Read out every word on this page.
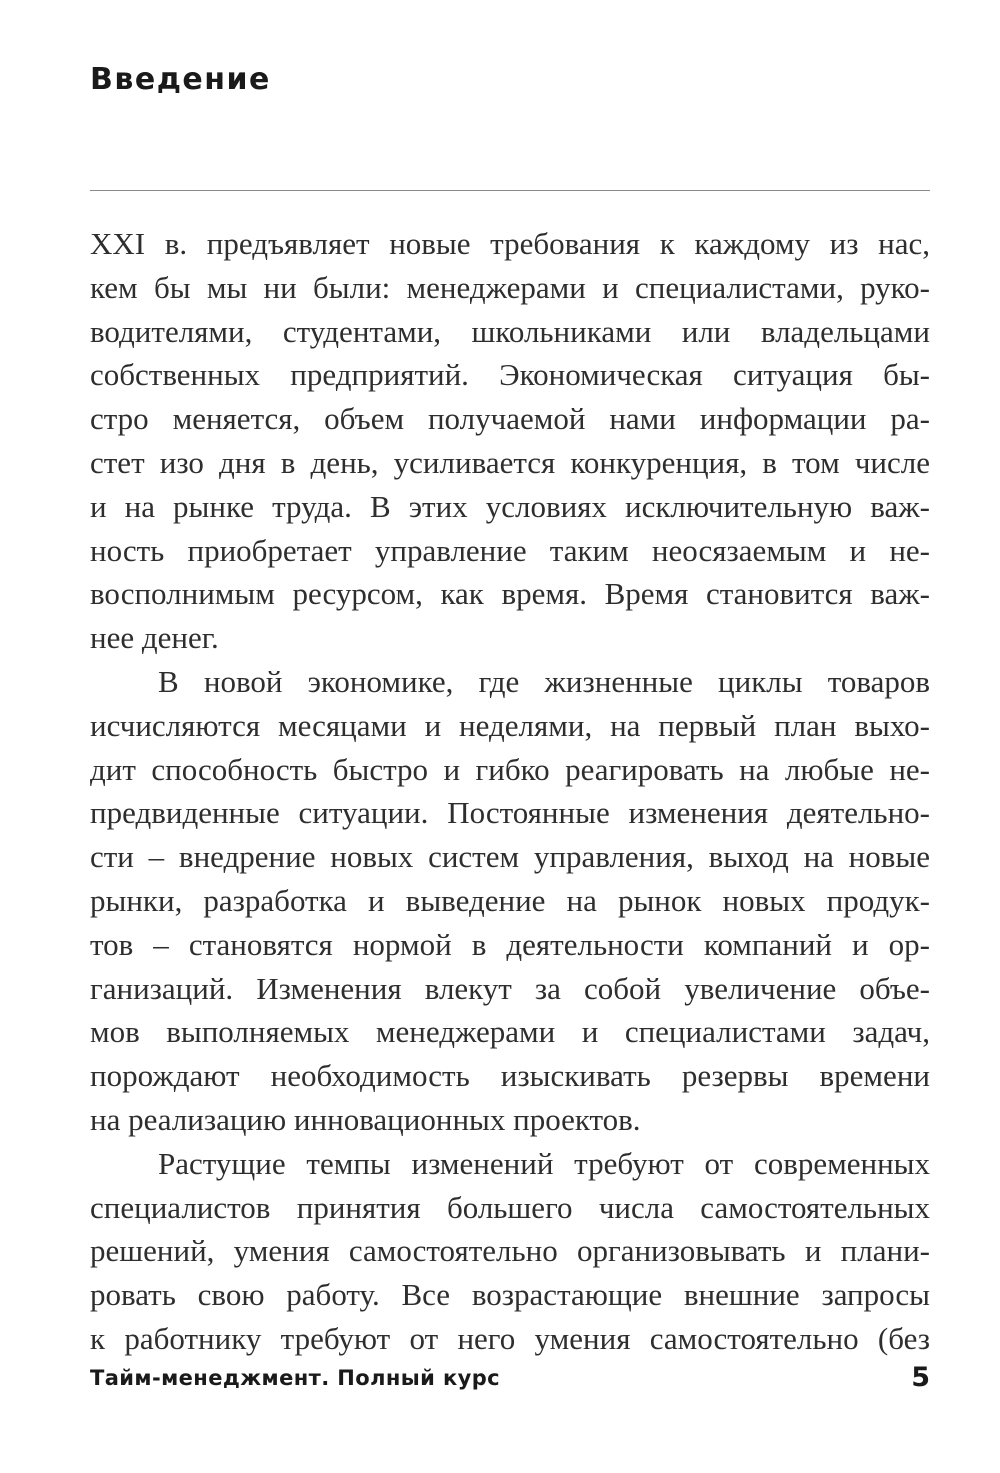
Введение

XXI в. предъявляет новые требования к каждому из нас,
кем бы мы ни были: менеджерами и специалистами, руко-
водителями, студентами, школьниками или владельцами
собственных предприятий. Экономическая ситуация бы-
стро меняется, объем получаемой нами информации ра-
стет изо дня в день, усиливается конкуренция, в том числе
и на рынке труда. В этих условиях исключительную важ-
ность приобретает управление таким неосязаемым и не-
восполнимым ресурсом, как время. Время становится важ-
нее денег.

В новой экономике, где жизненные циклы товаров
исчисляются месяцами и неделями, на первый план выхо-
дит способность быстро и гибко реагировать на любые не-
предвиденные ситуации. Постоянные изменения деятельно-
сти – внедрение новых систем управления, выход на новые
рынки, разработка и выведение на рынок новых продук-
тов – становятся нормой в деятельности компаний и ор-
ганизаций. Изменения влекут за собой увеличение объе-
мов выполняемых менеджерами и специалистами задач,
порождают необходимость изыскивать резервы времени
на реализацию инновационных проектов.

Растущие темпы изменений требуют от современных
специалистов принятия большего числа самостоятельных
решений, умения самостоятельно организовывать и плани-
ровать свою работу. Все возрастающие внешние запросы
к работнику требуют от него умения самостоятельно (без

Тайм-менеджмент. Полный курс	5
